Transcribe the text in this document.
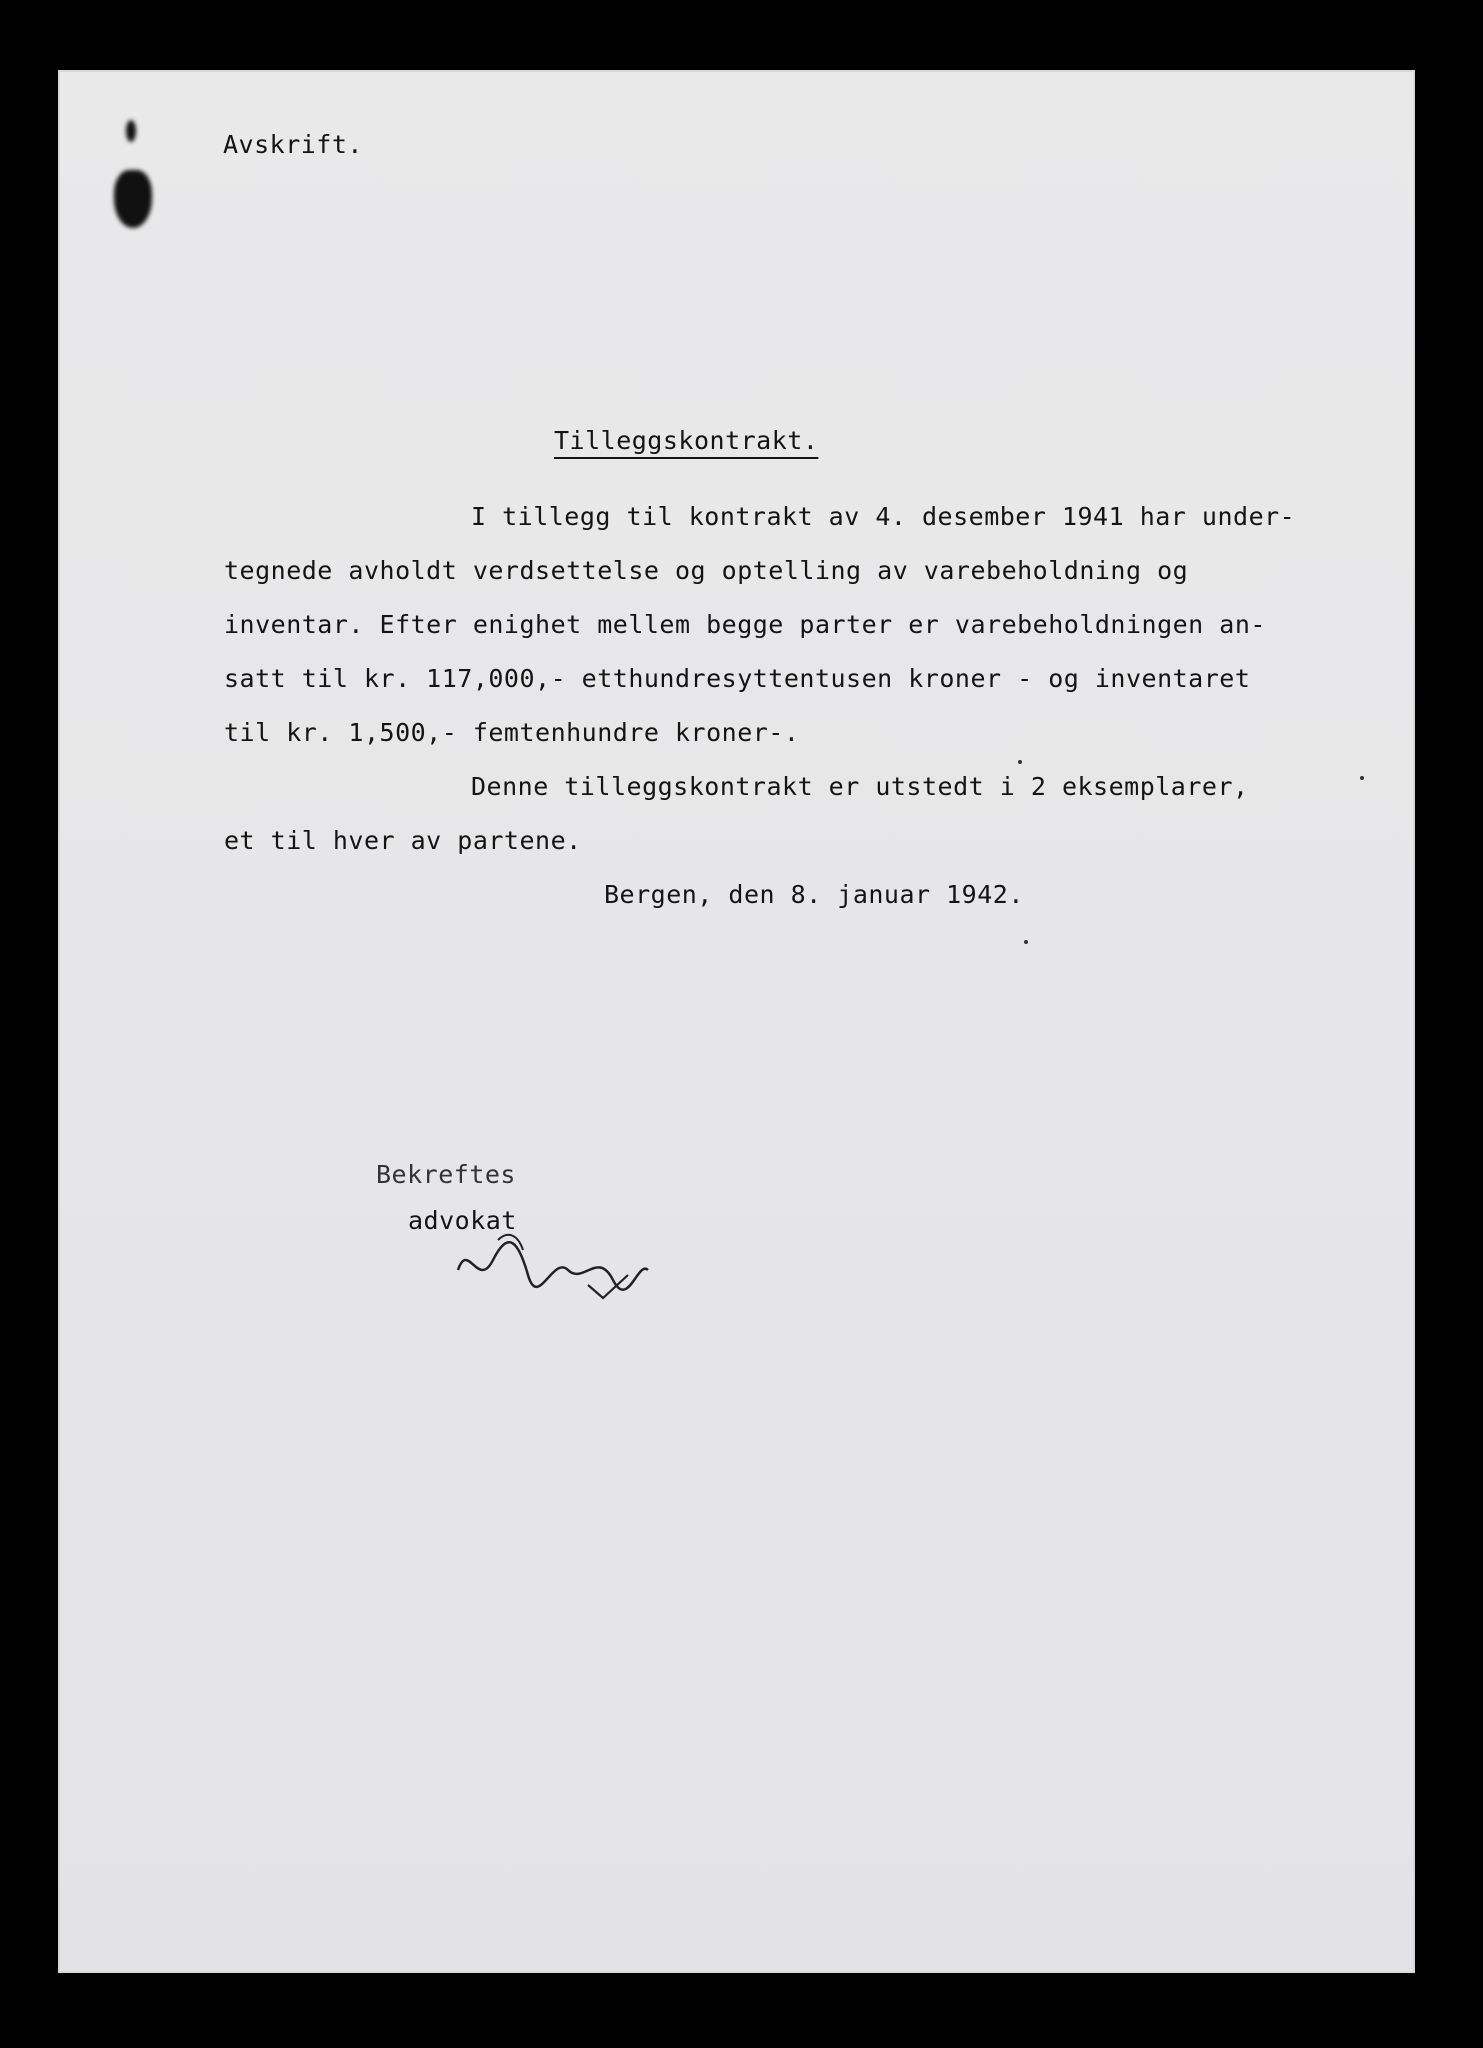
Avskrift.
Tilleggskontrakt.
I tillegg til kontrakt av 4. desember 1941 har under-
tegnede avholdt verdsettelse og optelling av varebeholdning og
inventar. Efter enighet mellem begge parter er varebeholdningen an-
satt til kr. 117,000,- etthundresyttentusen kroner - og inventaret
til kr. 1,500,- femtenhundre kroner-.
Denne tilleggskontrakt er utstedt i 2 eksemplarer,
et til hver av partene.
Bergen, den 8. januar 1942.
Bekreftes
advokat
